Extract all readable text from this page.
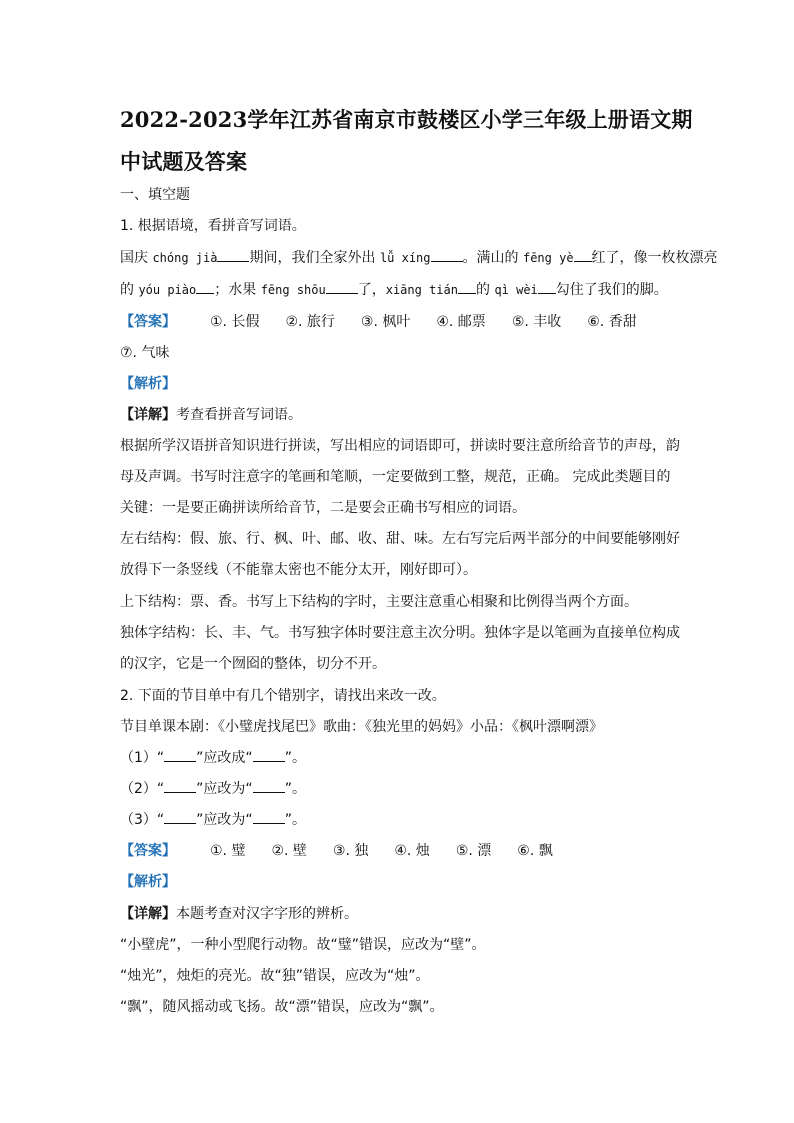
2022-2023学年江苏省南京市鼓楼区小学三年级上册语文期
中试题及答案
一、填空题
1. 根据语境，看拼音写词语。
国庆 chóng jià 期间，我们全家外出 lǚ xíng 。满山的 fēng yè 红了，像一枚枚漂亮
的 yóu piào ；水果 fēng shōu 了，xiāng tián 的 qì wèi 勾住了我们的脚。
【答案】 ①. 长假 ②. 旅行 ③. 枫叶 ④. 邮票 ⑤. 丰收 ⑥. 香甜
⑦. 气味
【解析】
【详解】考查看拼音写词语。
根据所学汉语拼音知识进行拼读，写出相应的词语即可，拼读时要注意所给音节的声母，韵
母及声调。书写时注意字的笔画和笔顺，一定要做到工整，规范，正确。 完成此类题目的
关键：一是要正确拼读所给音节，二是要会正确书写相应的词语。
左右结构：假、旅、行、枫、叶、邮、收、甜、味。左右写完后两半部分的中间要能够刚好
放得下一条竖线（不能靠太密也不能分太开，刚好即可）。
上下结构：票、香。书写上下结构的字时，主要注意重心相聚和比例得当两个方面。
独体字结构：长、丰、气。书写独字体时要注意主次分明。独体字是以笔画为直接单位构成
的汉字，它是一个囫囵的整体，切分不开。
2. 下面的节目单中有几个错别字，请找出来改一改。
节目单课本剧：《小璧虎找尾巴》歌曲：《独光里的妈妈》小品：《枫叶漂啊漂》
（1）“ ”应改成“ ”。
（2）“ ”应改为“ ”。
（3）“ ”应改为“ ”。
【答案】 ①. 璧 ②. 壁 ③. 独 ④. 烛 ⑤. 漂 ⑥. 飘
【解析】
【详解】本题考查对汉字字形的辨析。
“小壁虎”，一种小型爬行动物。故“璧”错误，应改为“壁”。
“烛光”，烛炬的亮光。故“独”错误，应改为“烛”。
“飘”，随风摇动或飞扬。故“漂”错误，应改为“飘”。
